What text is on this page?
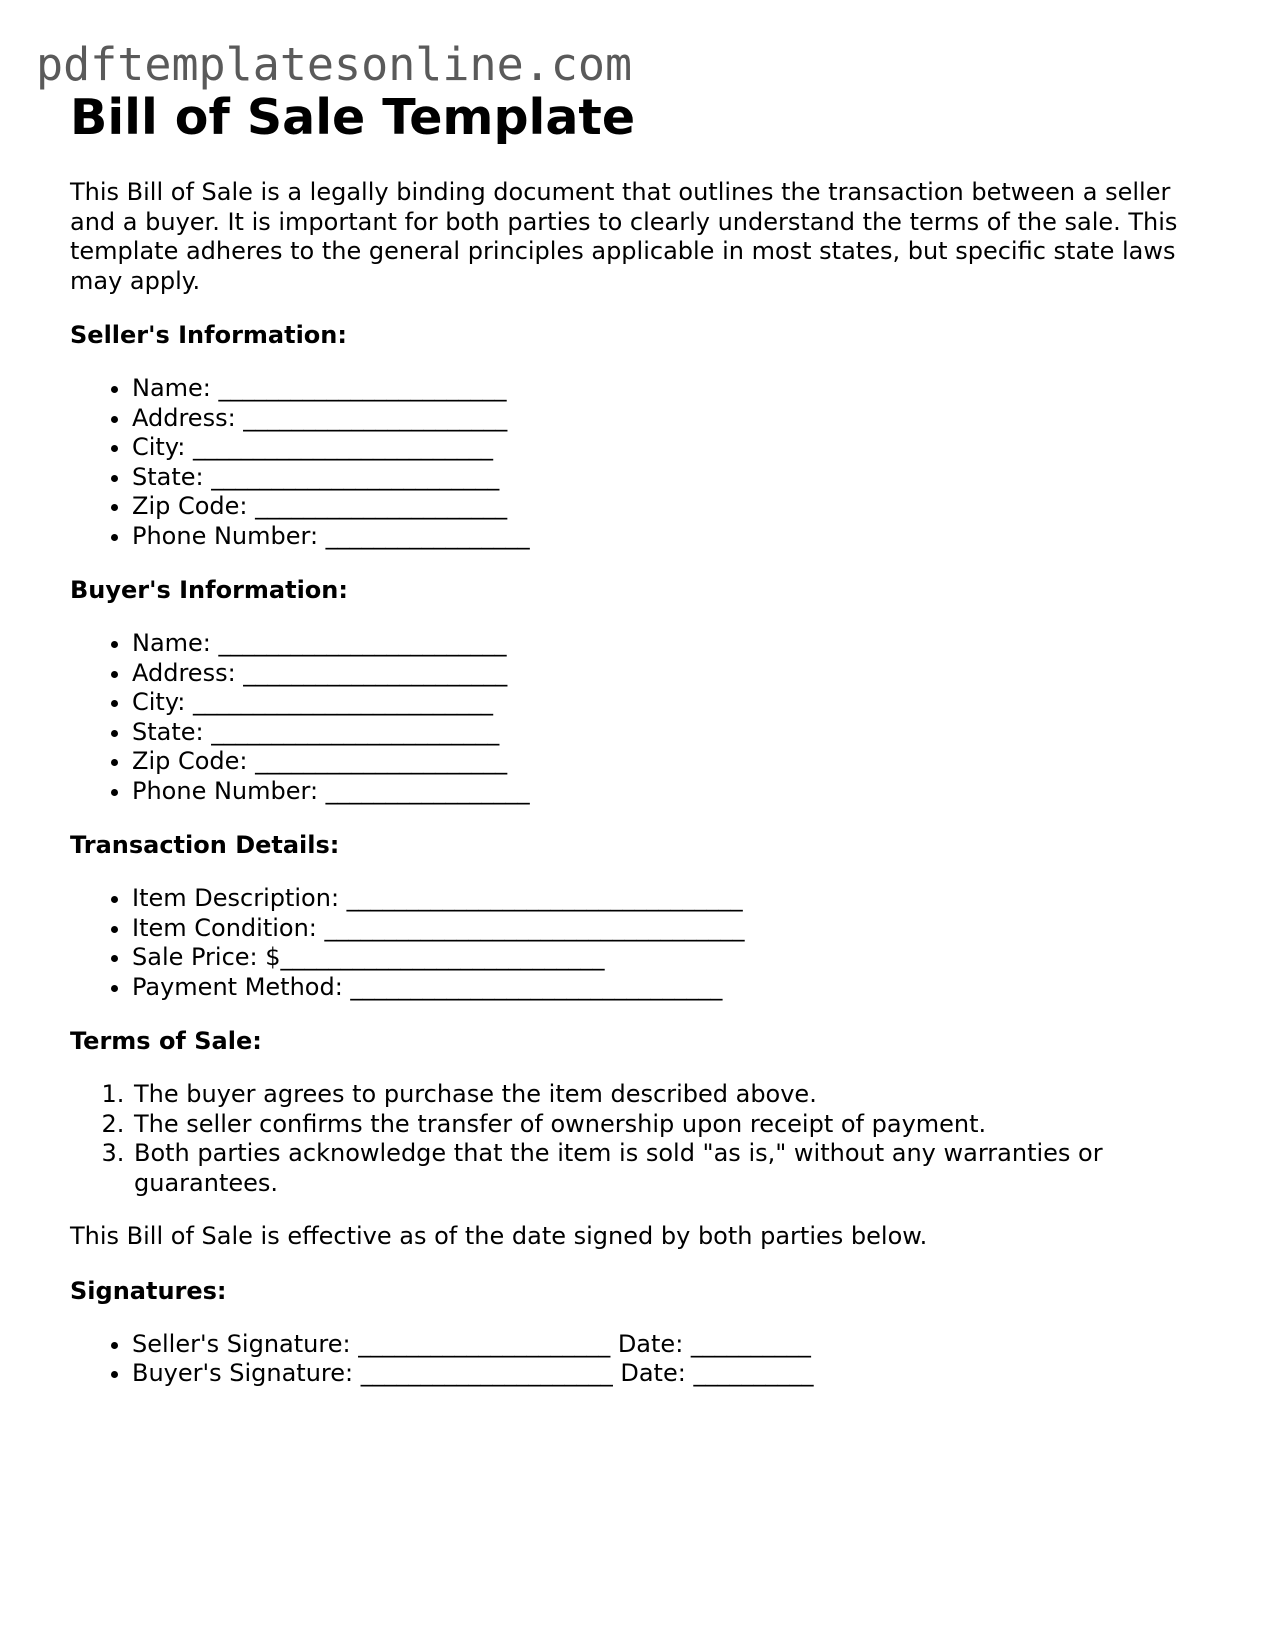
pdftemplatesonline.com
Bill of Sale Template

This Bill of Sale is a legally binding document that outlines the transaction between a seller and a buyer. It is important for both parties to clearly understand the terms of the sale. This template adheres to the general principles applicable in most states, but specific state laws may apply.

Seller's Information:
• Name: ________________________
• Address: ______________________
• City: _________________________
• State: ________________________
• Zip Code: _____________________
• Phone Number: _________________
Buyer's Information:
• Name: ________________________
• Address: ______________________
• City: _________________________
• State: ________________________
• Zip Code: _____________________
• Phone Number: _________________
Transaction Details:
• Item Description: _________________________________
• Item Condition: ___________________________________
• Sale Price: $___________________________
• Payment Method: _______________________________
Terms of Sale:
1. The buyer agrees to purchase the item described above.
2. The seller confirms the transfer of ownership upon receipt of payment.
3. Both parties acknowledge that the item is sold "as is," without any warranties or guarantees.

This Bill of Sale is effective as of the date signed by both parties below.

Signatures:
• Seller's Signature: _____________________ Date: __________
• Buyer's Signature: _____________________ Date: __________
